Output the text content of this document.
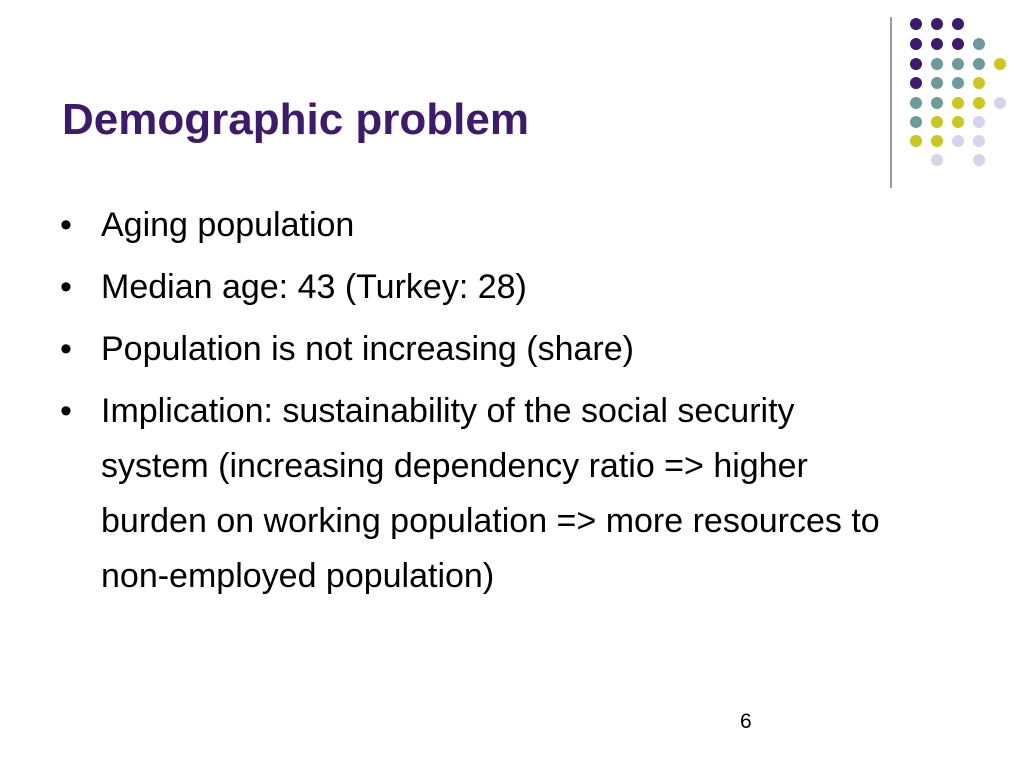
Demographic problem
• Aging population
• Median age: 43 (Turkey: 28)
• Population is not increasing (share)
• Implication: sustainability of the social security system (increasing dependency ratio => higher burden on working population => more resources to non-employed population)
6
